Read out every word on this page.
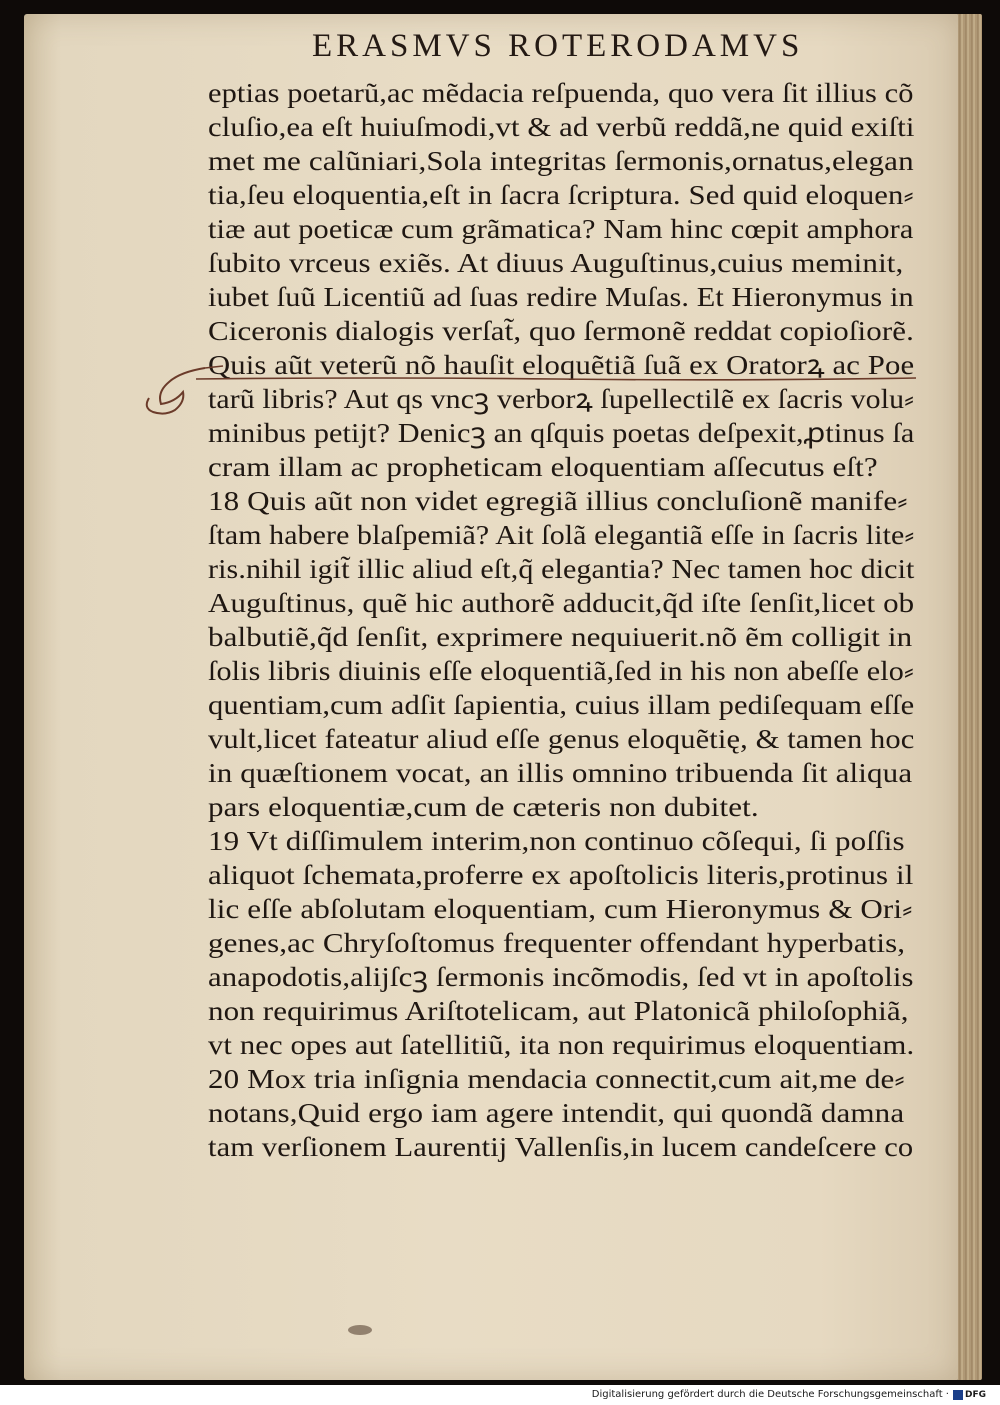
ERASMVS ROTERODAMVS
eptias poetarũ,ac mẽdacia reſpuenda, quo vera ſit illius cõ
cluſio,ea eſt huiuſmodi,vt & ad verbũ reddã,ne quid exiſti
met me calũniari,Sola integritas ſermonis,ornatus,elegan
tia,ſeu eloquentia,eſt in ſacra ſcriptura. Sed quid eloquen⸗
tiæ aut poeticæ cum grãmatica? Nam hinc cœpit amphora
ſubito vrceus exiẽs. At diuus Auguſtinus,cuius meminit,
iubet ſuũ Licentiũ ad ſuas redire Muſas. Et Hieronymus in
Ciceronis dialogis verſat̃, quo ſermonẽ reddat copioſiorẽ.
Quis aũt veterũ nõ hauſit eloquẽtiã ſuã ex Oratorꝝ ac Poe
tarũ libris? Aut qs vncꝫ verborꝝ ſupellectilẽ ex ſacris volu⸗
minibus petijt? Denicꝫ an qſquis poetas deſpexit,ꝓtinus ſa
cram illam ac propheticam eloquentiam aſſecutus eſt?
18 Quis aũt non videt egregiã illius concluſionẽ manife⸗
ſtam habere blaſpemiã? Ait ſolã elegantiã eſſe in ſacris lite⸗
ris.nihil igit̃ illic aliud eſt,q̃ elegantia? Nec tamen hoc dicit
Auguſtinus, quẽ hic authorẽ adducit,q̃d iſte ſenſit,licet ob
balbutiẽ,q̃d ſenſit, exprimere nequiuerit.nõ ẽm colligit in
ſolis libris diuinis eſſe eloquentiã,ſed in his non abeſſe elo⸗
quentiam,cum adſit ſapientia, cuius illam pediſequam eſſe
vult,licet fateatur aliud eſſe genus eloquẽtię, & tamen hoc
in quæſtionem vocat, an illis omnino tribuenda ſit aliqua
pars eloquentiæ,cum de cæteris non dubitet.
19 Vt diſſimulem interim,non continuo cõſequi, ſi poſſis
aliquot ſchemata,proferre ex apoſtolicis literis,protinus il
lic eſſe abſolutam eloquentiam, cum Hieronymus & Ori⸗
genes,ac Chryſoſtomus frequenter offendant hyperbatis,
anapodotis,alijſcꝫ ſermonis incõmodis, ſed vt in apoſtolis
non requirimus Ariſtotelicam, aut Platonicã philoſophiã,
vt nec opes aut ſatellitiũ, ita non requirimus eloquentiam.
20 Mox tria inſignia mendacia connectit,cum ait,me de⸗
notans,Quid ergo iam agere intendit, qui quondã damna
tam verſionem Laurentij Vallenſis,in lucem candeſcere co
Digitalisierung gefördert durch die Deutsche Forschungsgemeinschaft · DFG
